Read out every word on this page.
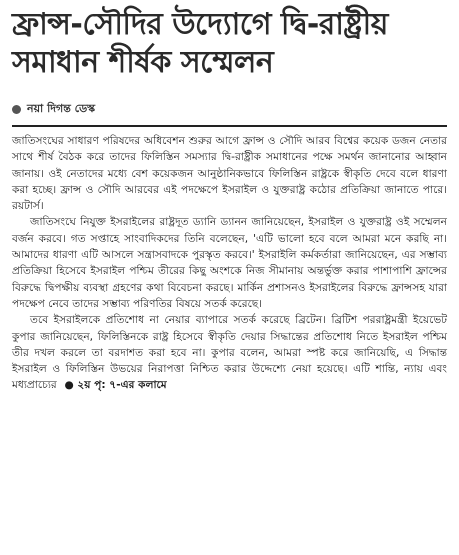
ফ্রান্স-সৌদির উদ্যোগে দ্বি-রাষ্ট্রীয় সমাধান শীর্ষক সম্মেলন
নয়া দিগন্ত ডেস্ক

জাতিসংঘের সাধারণ পরিষদের অধিবেশন শুরুর আগে ফ্রান্স ও সৌদি আরব বিশ্বের কয়েক ডজন নেতার সাথে শীর্ষ বৈঠক করে তাদের ফিলিস্তিন সমস্যার দ্বি-রাষ্ট্রীক সমাধানের পক্ষে সমর্থন জানানোর আহ্বান জানায়। ওই নেতাদের মধ্যে বেশ কয়েকজন আনুষ্ঠানিকভাবে ফিলিস্তিন রাষ্ট্রকে স্বীকৃতি দেবে বলে ধারণা করা হচ্ছে। ফ্রান্স ও সৌদি আরবের এই পদক্ষেপে ইসরাইল ও যুক্তরাষ্ট্র কঠোর প্রতিক্রিয়া জানাতে পারে। রয়টার্স।

জাতিসংঘে নিযুক্ত ইসরাইলের রাষ্ট্রদূত ড্যানি ড্যানন জানিয়েছেন, ইসরাইল ও যুক্তরাষ্ট্র ওই সম্মেলন বর্জন করবে। গত সপ্তাহে সাংবাদিকদের তিনি বলেছেন, 'এটি ভালো হবে বলে আমরা মনে করছি না। আমাদের ধারণা এটি আসলে সন্ত্রাসবাদকে পুরস্কৃত করবে।' ইসরাইলি কর্মকর্তারা জানিয়েছেন, এর সম্ভাব্য প্রতিক্রিয়া হিসেবে ইসরাইল পশ্চিম তীরের কিছু অংশকে নিজ সীমানায় অন্তর্ভুক্ত করার পাশাপাশি ফ্রান্সের বিরুদ্ধে দ্বিপক্ষীয় ব্যবস্থা গ্রহণের কথা বিবেচনা করছে। মার্কিন প্রশাসনও ইসরাইলের বিরুদ্ধে ফ্রান্সসহ যারা পদক্ষেপ নেবে তাদের সম্ভাব্য পরিণতির বিষয়ে সতর্ক করেছে।

তবে ইসরাইলকে প্রতিশোধ না নেয়ার ব্যাপারে সতর্ক করেছে ব্রিটেন। ব্রিটিশ পররাষ্ট্রমন্ত্রী ইয়েভেট কুপার জানিয়েছেন, ফিলিস্তিনকে রাষ্ট্র হিসেবে স্বীকৃতি দেয়ার সিদ্ধান্তের প্রতিশোধ নিতে ইসরাইল পশ্চিম তীর দখল করলে তা বরদাশত করা হবে না। কুপার বলেন, আমরা স্পষ্ট করে জানিয়েছি, এ সিদ্ধান্ত ইসরাইল ও ফিলিস্তিন উভয়ের নিরাপত্তা নিশ্চিত করার উদ্দেশ্যে নেয়া হয়েছে। এটি শান্তি, ন্যায় এবং মধ্যপ্রাচ্যের ● ২য় পৃ: ৭-এর কলামে
